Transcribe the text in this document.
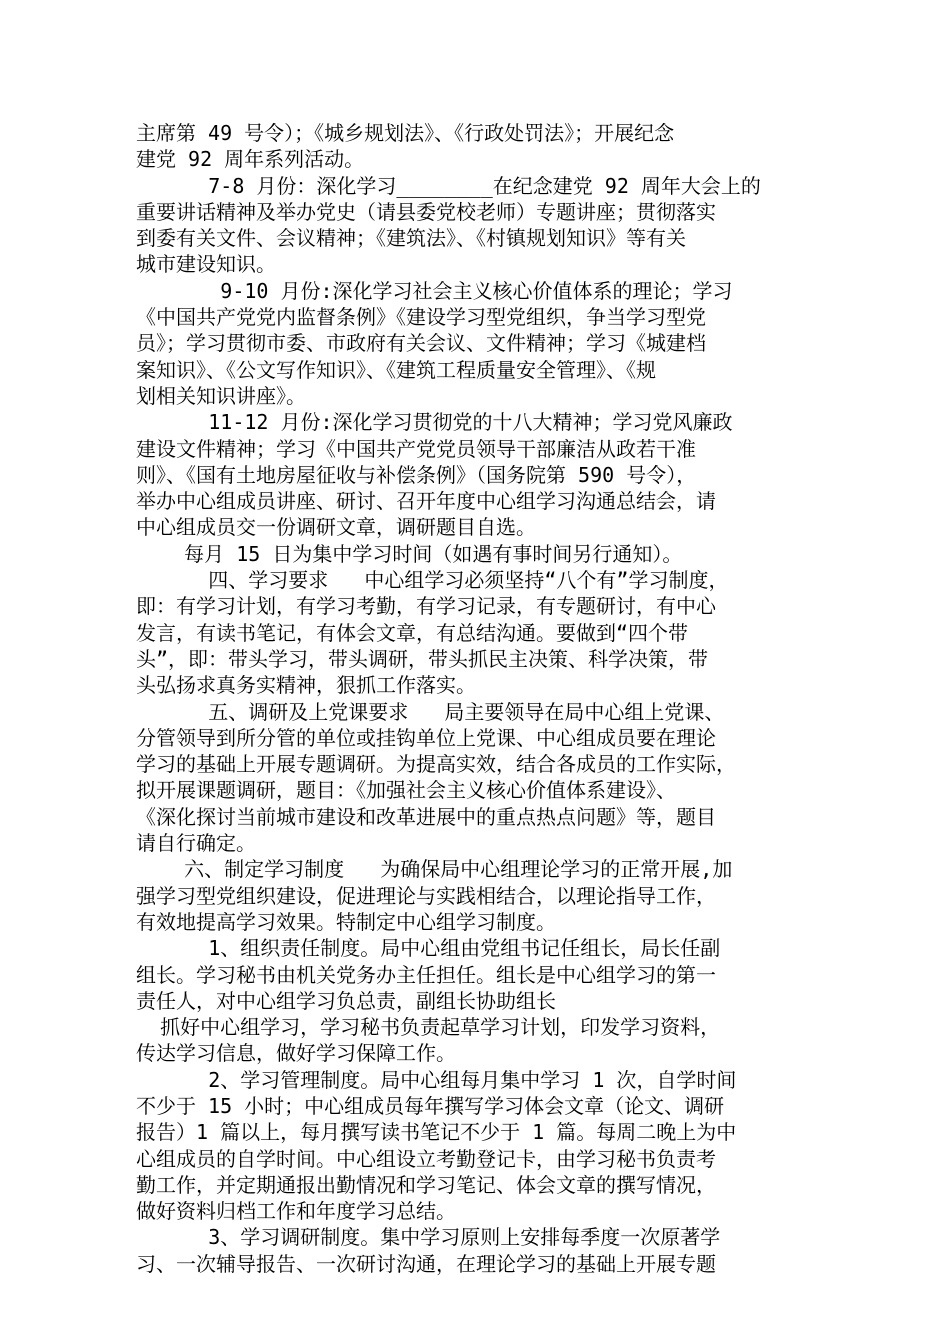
主席第 49 号令）；《城乡规划法》、《行政处罚法》；开展纪念
建党 92 周年系列活动。
7-8 月份：深化学习________在纪念建党 92 周年大会上的
重要讲话精神及举办党史（请县委党校老师）专题讲座；贯彻落实
到委有关文件、会议精神；《建筑法》、《村镇规划知识》等有关
城市建设知识。
9-10 月份:深化学习社会主义核心价值体系的理论；学习
《中国共产党党内监督条例》《建设学习型党组织，争当学习型党
员》；学习贯彻市委、市政府有关会议、文件精神；学习《城建档
案知识》、《公文写作知识》、《建筑工程质量安全管理》、《规
划相关知识讲座》。
11-12 月份:深化学习贯彻党的十八大精神；学习党风廉政
建设文件精神；学习《中国共产党党员领导干部廉洁从政若干准
则》、《国有土地房屋征收与补偿条例》（国务院第 590 号令），
举办中心组成员讲座、研讨、召开年度中心组学习沟通总结会，请
中心组成员交一份调研文章，调研题目自选。
每月 15 日为集中学习时间（如遇有事时间另行通知）。
四、学习要求   中心组学习必须坚持“八个有”学习制度，
即：有学习计划，有学习考勤，有学习记录，有专题研讨，有中心
发言，有读书笔记，有体会文章，有总结沟通。要做到“四个带
头”，即：带头学习，带头调研，带头抓民主决策、科学决策，带
头弘扬求真务实精神，狠抓工作落实。
五、调研及上党课要求   局主要领导在局中心组上党课、
分管领导到所分管的单位或挂钩单位上党课、中心组成员要在理论
学习的基础上开展专题调研。为提高实效，结合各成员的工作实际，
拟开展课题调研，题目：《加强社会主义核心价值体系建设》、
《深化探讨当前城市建设和改革进展中的重点热点问题》等，题目
请自行确定。
六、制定学习制度   为确保局中心组理论学习的正常开展,加
强学习型党组织建设，促进理论与实践相结合，以理论指导工作，
有效地提高学习效果。特制定中心组学习制度。
1、组织责任制度。局中心组由党组书记任组长，局长任副
组长。学习秘书由机关党务办主任担任。组长是中心组学习的第一
责任人，对中心组学习负总责，副组长协助组长
抓好中心组学习，学习秘书负责起草学习计划，印发学习资料，
传达学习信息，做好学习保障工作。
2、学习管理制度。局中心组每月集中学习 1 次，自学时间
不少于 15 小时；中心组成员每年撰写学习体会文章（论文、调研
报告）1 篇以上，每月撰写读书笔记不少于 1 篇。每周二晚上为中
心组成员的自学时间。中心组设立考勤登记卡，由学习秘书负责考
勤工作，并定期通报出勤情况和学习笔记、体会文章的撰写情况，
做好资料归档工作和年度学习总结。
3、学习调研制度。集中学习原则上安排每季度一次原著学
习、一次辅导报告、一次研讨沟通，在理论学习的基础上开展专题
